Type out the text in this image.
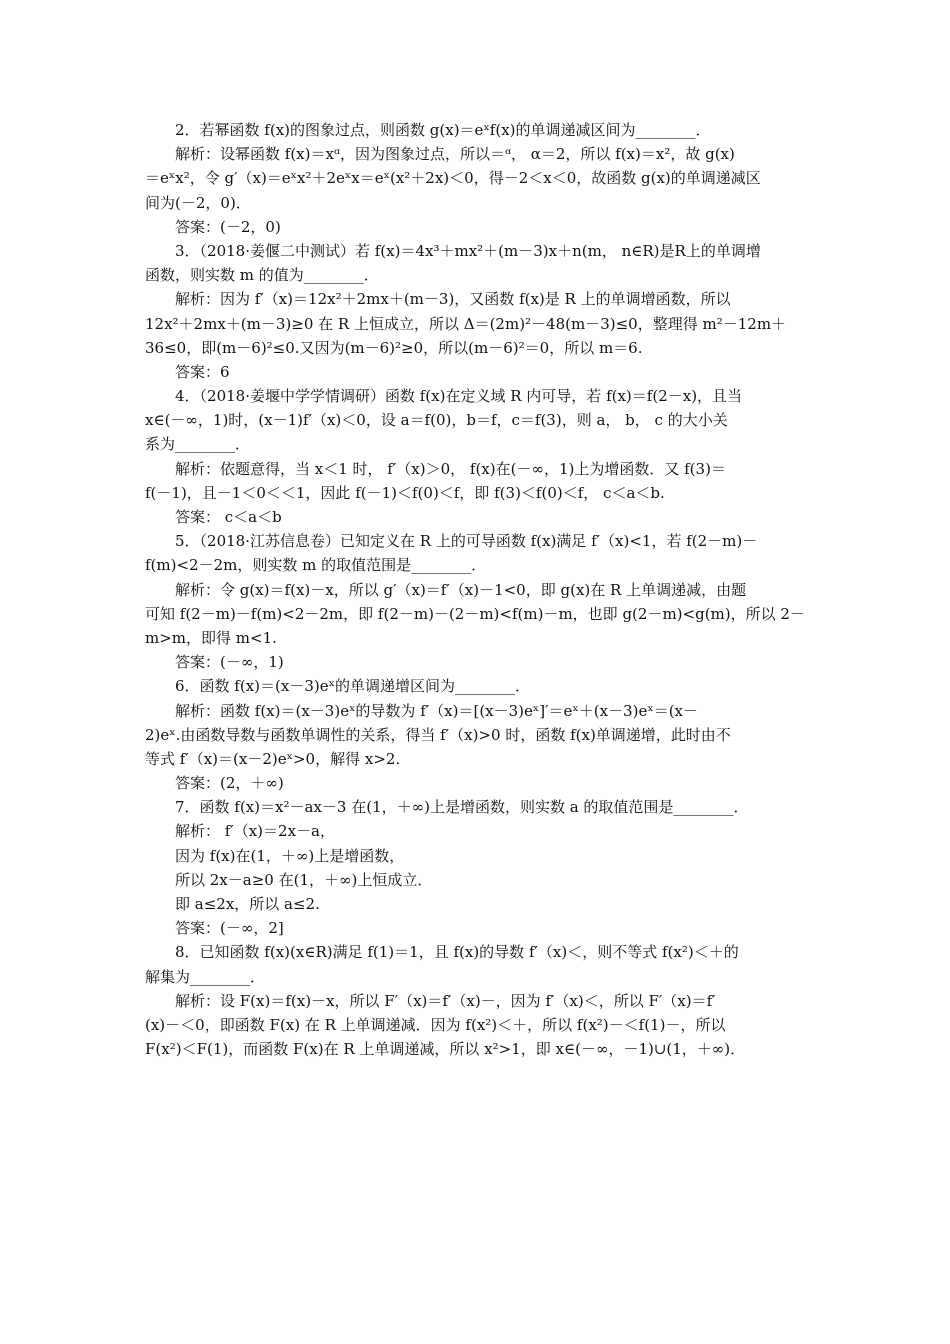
2．若幂函数 f(x)的图象过点，则函数 g(x)＝eˣf(x)的单调递减区间为________．
解析：设幂函数 f(x)＝xᵅ，因为图象过点，所以＝ᵅ， α＝2，所以 f(x)＝x²，故 g(x)
＝eˣx²，令 g′（x)＝eˣx²＋2eˣx＝eˣ(x²＋2x)＜0，得－2＜x＜0，故函数 g(x)的单调递减区
间为(－2，0)．
答案：(－2，0)
3．（2018·姜偃二中测试）若 f(x)＝4x³＋mx²＋(m－3)x＋n(m， n∈R)是R上的单调增
函数，则实数 m 的值为________．
解析：因为 f′（x)＝12x²＋2mx＋(m－3)，又函数 f(x)是 R 上的单调增函数，所以
12x²＋2mx＋(m－3)≥0 在 R 上恒成立，所以 Δ＝(2m)²－48(m－3)≤0，整理得 m²－12m＋
36≤0，即(m－6)²≤0.又因为(m－6)²≥0，所以(m－6)²＝0，所以 m＝6.
答案：6
4．（2018·姜堰中学学情调研）函数 f(x)在定义域 R 内可导，若 f(x)＝f(2－x)，且当
x∈(－∞，1)时，(x－1)f′（x)＜0，设 a＝f(0)，b＝f，c＝f(3)，则 a， b， c 的大小关
系为________．
解析：依题意得，当 x＜1 时， f′（x)＞0， f(x)在(－∞，1)上为增函数．又 f(3)＝
f(－1)，且－1＜0＜＜1，因此 f(－1)＜f(0)＜f，即 f(3)＜f(0)＜f， c＜a＜b.
答案： c＜a＜b
5．（2018·江苏信息卷）已知定义在 R 上的可导函数 f(x)满足 f′（x)<1，若 f(2－m)－
f(m)<2－2m，则实数 m 的取值范围是________．
解析：令 g(x)＝f(x)－x，所以 g′（x)＝f′（x)－1<0，即 g(x)在 R 上单调递减，由题
可知 f(2－m)－f(m)<2－2m，即 f(2－m)－(2－m)<f(m)－m，也即 g(2－m)<g(m)，所以 2－
m>m，即得 m<1.
答案：(－∞，1)
6．函数 f(x)＝(x－3)eˣ的单调递增区间为________．
解析：函数 f(x)＝(x－3)eˣ的导数为 f′（x)＝[(x－3)eˣ]′＝eˣ＋(x－3)eˣ＝(x－
2)eˣ.由函数导数与函数单调性的关系，得当 f′（x)>0 时，函数 f(x)单调递增，此时由不
等式 f′（x)＝(x－2)eˣ>0，解得 x>2.
答案：(2，＋∞)
7．函数 f(x)＝x²－ax－3 在(1，＋∞)上是增函数，则实数 a 的取值范围是________．
解析： f′（x)＝2x－a，
因为 f(x)在(1，＋∞)上是增函数，
所以 2x－a≥0 在(1，＋∞)上恒成立．
即 a≤2x，所以 a≤2.
答案：(－∞，2]
8．已知函数 f(x)(x∈R)满足 f(1)＝1，且 f(x)的导数 f′（x)＜，则不等式 f(x²)＜＋的
解集为________．
解析：设 F(x)＝f(x)－x，所以 F′（x)＝f′（x)－，因为 f′（x)＜，所以 F′（x)＝f′
(x)－＜0，即函数 F(x) 在 R 上单调递减．因为 f(x²)＜＋，所以 f(x²)－＜f(1)－，所以
F(x²)＜F(1)，而函数 F(x)在 R 上单调递减，所以 x²>1，即 x∈(－∞，－1)∪(1，＋∞)．
